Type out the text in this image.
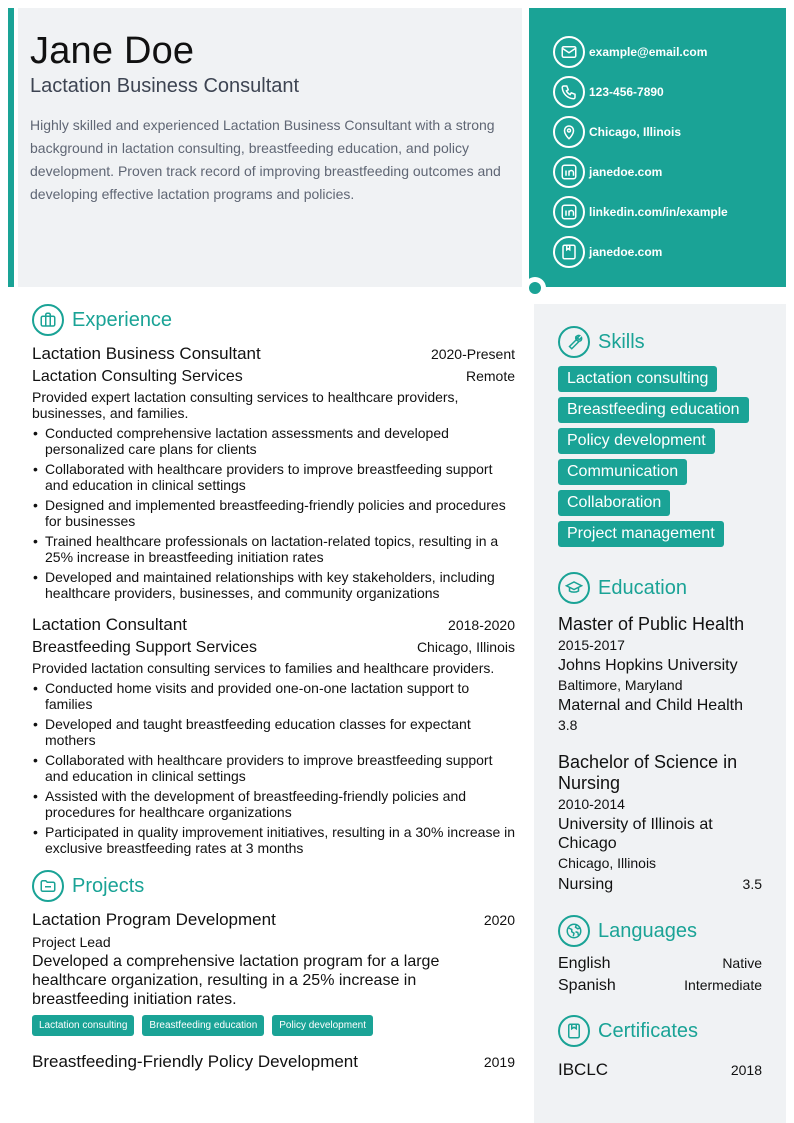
Jane Doe
Lactation Business Consultant
Highly skilled and experienced Lactation Business Consultant with a strong background in lactation consulting, breastfeeding education, and policy development. Proven track record of improving breastfeeding outcomes and developing effective lactation programs and policies.
example@email.com
123-456-7890
Chicago, Illinois
janedoe.com
linkedin.com/in/example
janedoe.com
Experience
Lactation Business Consultant	2020-Present
Lactation Consulting Services	Remote
Provided expert lactation consulting services to healthcare providers, businesses, and families.
• Conducted comprehensive lactation assessments and developed personalized care plans for clients
• Collaborated with healthcare providers to improve breastfeeding support and education in clinical settings
• Designed and implemented breastfeeding-friendly policies and procedures for businesses
• Trained healthcare professionals on lactation-related topics, resulting in a 25% increase in breastfeeding initiation rates
• Developed and maintained relationships with key stakeholders, including healthcare providers, businesses, and community organizations
Lactation Consultant	2018-2020
Breastfeeding Support Services	Chicago, Illinois
Provided lactation consulting services to families and healthcare providers.
• Conducted home visits and provided one-on-one lactation support to families
• Developed and taught breastfeeding education classes for expectant mothers
• Collaborated with healthcare providers to improve breastfeeding support and education in clinical settings
• Assisted with the development of breastfeeding-friendly policies and procedures for healthcare organizations
• Participated in quality improvement initiatives, resulting in a 30% increase in exclusive breastfeeding rates at 3 months
Projects
Lactation Program Development	2020
Project Lead
Developed a comprehensive lactation program for a large healthcare organization, resulting in a 25% increase in breastfeeding initiation rates.
Lactation consulting	Breastfeeding education	Policy development
Breastfeeding-Friendly Policy Development	2019
Skills
Lactation consulting
Breastfeeding education
Policy development
Communication
Collaboration
Project management
Education
Master of Public Health
2015-2017
Johns Hopkins University
Baltimore, Maryland
Maternal and Child Health
3.8
Bachelor of Science in Nursing
2010-2014
University of Illinois at Chicago
Chicago, Illinois
Nursing	3.5
Languages
English	Native
Spanish	Intermediate
Certificates
IBCLC	2018
